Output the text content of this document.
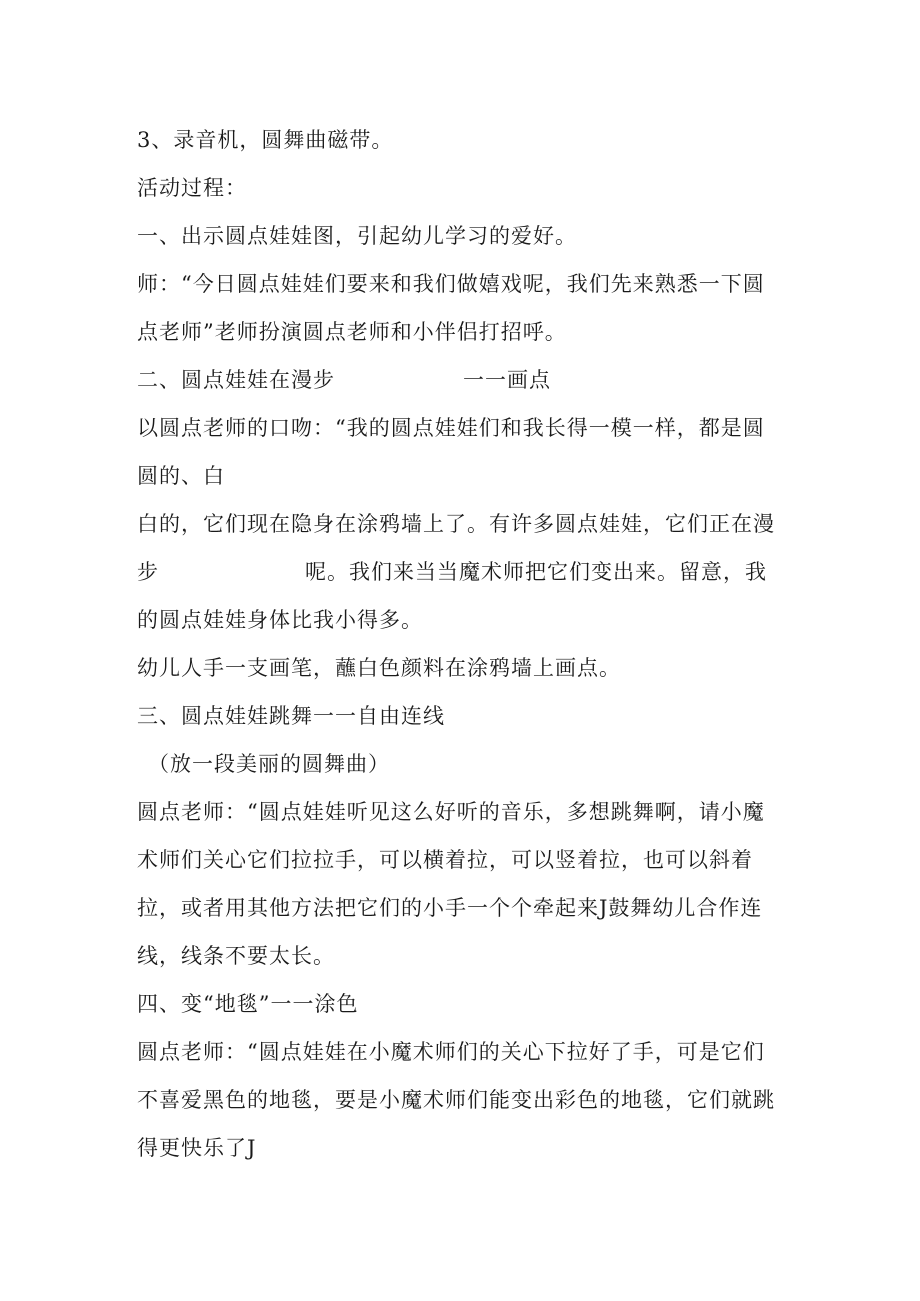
3、录音机，圆舞曲磁带。
活动过程：
一、出示圆点娃娃图，引起幼儿学习的爱好。
师：“今日圆点娃娃们要来和我们做嬉戏呢，我们先来熟悉一下圆
点老师”老师扮演圆点老师和小伴侣打招呼。
二、圆点娃娃在漫步	一一画点
以圆点老师的口吻：“我的圆点娃娃们和我长得一模一样，都是圆
圆的、白
白的，它们现在隐身在涂鸦墙上了。有许多圆点娃娃，它们正在漫
步	呢。我们来当当魔术师把它们变出来。留意，我
的圆点娃娃身体比我小得多。
幼儿人手一支画笔，蘸白色颜料在涂鸦墙上画点。
三、圆点娃娃跳舞一一自由连线
（放一段美丽的圆舞曲）
圆点老师：“圆点娃娃听见这么好听的音乐，多想跳舞啊，请小魔
术师们关心它们拉拉手，可以横着拉，可以竖着拉，也可以斜着
拉，或者用其他方法把它们的小手一个个牵起来J鼓舞幼儿合作连
线，线条不要太长。
四、变“地毯”一一涂色
圆点老师：“圆点娃娃在小魔术师们的关心下拉好了手，可是它们
不喜爱黑色的地毯，要是小魔术师们能变出彩色的地毯，它们就跳
得更快乐了J
